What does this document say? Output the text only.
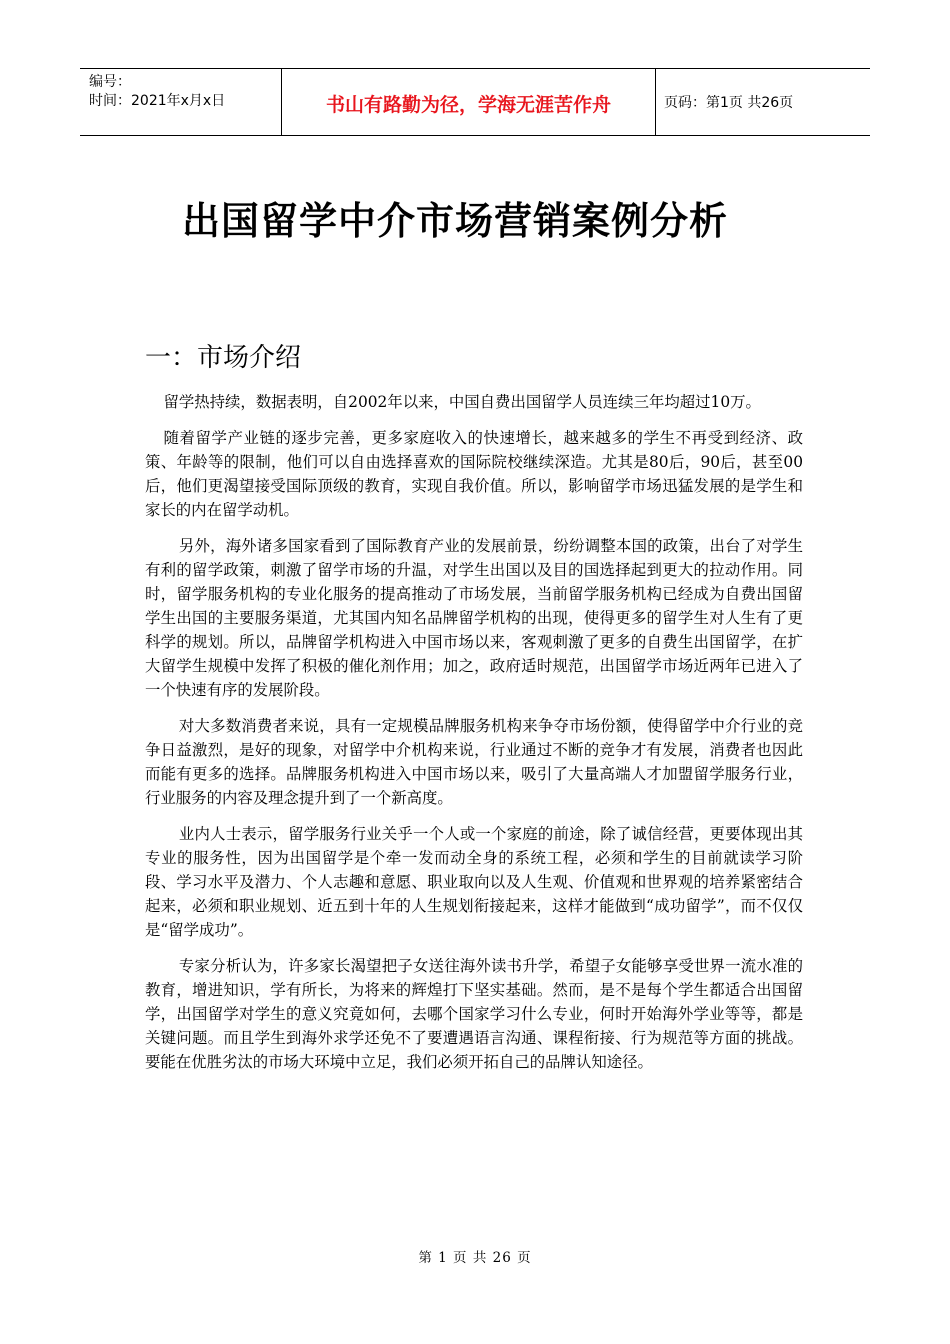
编号：
时间：2021年x月x日	书山有路勤为径，学海无涯苦作舟	页码：第1页 共26页
出国留学中介市场营销案例分析
一：市场介绍

留学热持续，数据表明，自2002年以来，中国自费出国留学人员连续三年均超过10万。

随着留学产业链的逐步完善，更多家庭收入的快速增长，越来越多的学生不再受到经济、政策、年龄等的限制，他们可以自由选择喜欢的国际院校继续深造。尤其是80后，90后，甚至00后，他们更渴望接受国际顶级的教育，实现自我价值。所以，影响留学市场迅猛发展的是学生和家长的内在留学动机。

另外，海外诸多国家看到了国际教育产业的发展前景，纷纷调整本国的政策，出台了对学生有利的留学政策，刺激了留学市场的升温，对学生出国以及目的国选择起到更大的拉动作用。同时，留学服务机构的专业化服务的提高推动了市场发展，当前留学服务机构已经成为自费出国留学生出国的主要服务渠道，尤其国内知名品牌留学机构的出现，使得更多的留学生对人生有了更科学的规划。所以，品牌留学机构进入中国市场以来，客观刺激了更多的自费生出国留学，在扩大留学生规模中发挥了积极的催化剂作用；加之，政府适时规范，出国留学市场近两年已进入了一个快速有序的发展阶段。

对大多数消费者来说，具有一定规模品牌服务机构来争夺市场份额，使得留学中介行业的竞争日益激烈，是好的现象，对留学中介机构来说，行业通过不断的竞争才有发展，消费者也因此而能有更多的选择。品牌服务机构进入中国市场以来，吸引了大量高端人才加盟留学服务行业，行业服务的内容及理念提升到了一个新高度。

业内人士表示，留学服务行业关乎一个人或一个家庭的前途，除了诚信经营，更要体现出其专业的服务性，因为出国留学是个牵一发而动全身的系统工程，必须和学生的目前就读学习阶段、学习水平及潜力、个人志趣和意愿、职业取向以及人生观、价值观和世界观的培养紧密结合起来，必须和职业规划、近五到十年的人生规划衔接起来，这样才能做到“成功留学”，而不仅仅是“留学成功”。

专家分析认为，许多家长渴望把子女送往海外读书升学，希望子女能够享受世界一流水准的教育，增进知识，学有所长，为将来的辉煌打下坚实基础。然而，是不是每个学生都适合出国留学，出国留学对学生的意义究竟如何，去哪个国家学习什么专业，何时开始海外学业等等，都是关键问题。而且学生到海外求学还免不了要遭遇语言沟通、课程衔接、行为规范等方面的挑战。要能在优胜劣汰的市场大环境中立足，我们必须开拓自己的品牌认知途径。

第 1 页 共 26 页
